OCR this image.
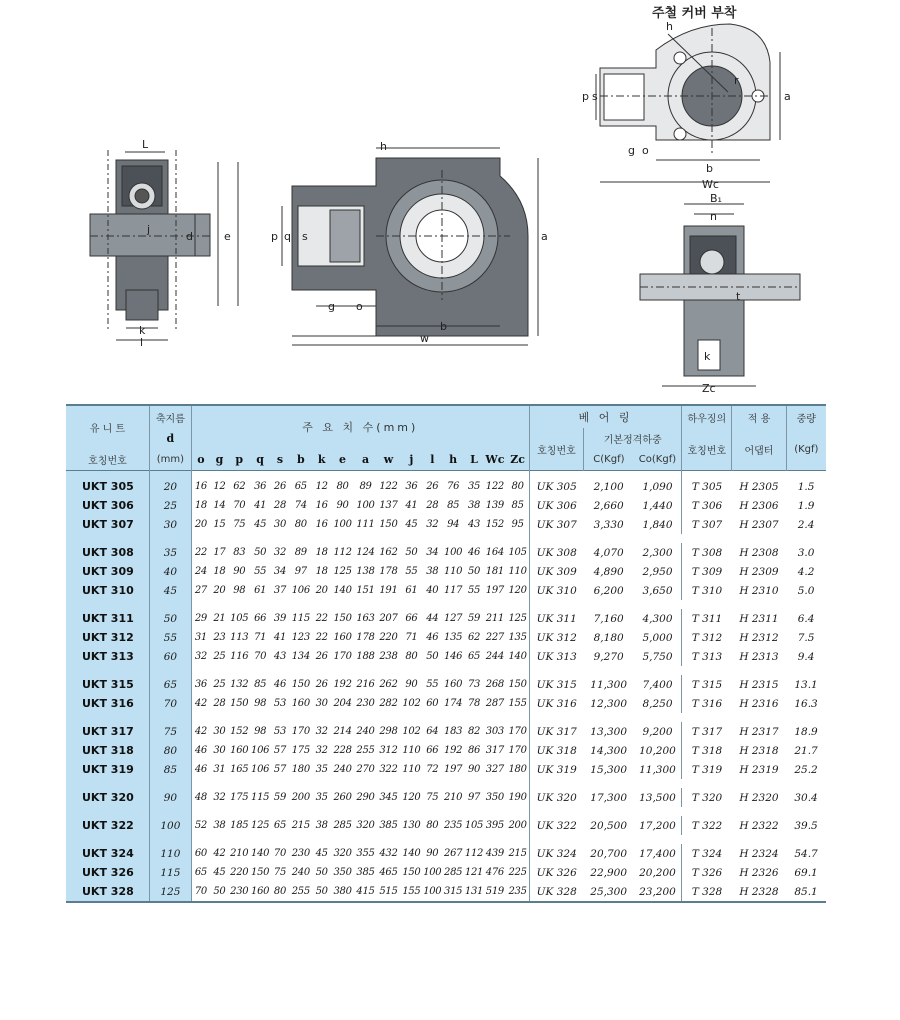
주철 커버 부착
L
j
d	e
k
l
h
p q s
g o
b
w
a
h
r
p s
g o
b
Wc
a
B₁
n
t
k
Zc
유 니 트	축지름	주 요 치 수(mm)																베 어 링			하우징의	적 용	중량
	d																	호칭번호	기본정격하중		호칭번호	어댑터	(Kgf)
호칭번호	(mm)	o	g	p	q	s	b	k	e	a	w	j	l	h	L	Wc	Zc		C(Kgf)	Co(Kgf)			
UKT 305	20	16	12	62	36	26	65	12	80	89	122	36	26	76	35	122	80	UK 305	2,100	1,090	T 305	H 2305	1.5
UKT 306	25	18	14	70	41	28	74	16	90	100	137	41	28	85	38	139	85	UK 306	2,660	1,440	T 306	H 2306	1.9
UKT 307	30	20	15	75	45	30	80	16	100	111	150	45	32	94	43	152	95	UK 307	3,330	1,840	T 307	H 2307	2.4

UKT 308	35	22	17	83	50	32	89	18	112	124	162	50	34	100	46	164	105	UK 308	4,070	2,300	T 308	H 2308	3.0
UKT 309	40	24	18	90	55	34	97	18	125	138	178	55	38	110	50	181	110	UK 309	4,890	2,950	T 309	H 2309	4.2
UKT 310	45	27	20	98	61	37	106	20	140	151	191	61	40	117	55	197	120	UK 310	6,200	3,650	T 310	H 2310	5.0

UKT 311	50	29	21	105	66	39	115	22	150	163	207	66	44	127	59	211	125	UK 311	7,160	4,300	T 311	H 2311	6.4
UKT 312	55	31	23	113	71	41	123	22	160	178	220	71	46	135	62	227	135	UK 312	8,180	5,000	T 312	H 2312	7.5
UKT 313	60	32	25	116	70	43	134	26	170	188	238	80	50	146	65	244	140	UK 313	9,270	5,750	T 313	H 2313	9.4

UKT 315	65	36	25	132	85	46	150	26	192	216	262	90	55	160	73	268	150	UK 315	11,300	7,400	T 315	H 2315	13.1
UKT 316	70	42	28	150	98	53	160	30	204	230	282	102	60	174	78	287	155	UK 316	12,300	8,250	T 316	H 2316	16.3

UKT 317	75	42	30	152	98	53	170	32	214	240	298	102	64	183	82	303	170	UK 317	13,300	9,200	T 317	H 2317	18.9
UKT 318	80	46	30	160	106	57	175	32	228	255	312	110	66	192	86	317	170	UK 318	14,300	10,200	T 318	H 2318	21.7
UKT 319	85	46	31	165	106	57	180	35	240	270	322	110	72	197	90	327	180	UK 319	15,300	11,300	T 319	H 2319	25.2

UKT 320	90	48	32	175	115	59	200	35	260	290	345	120	75	210	97	350	190	UK 320	17,300	13,500	T 320	H 2320	30.4

UKT 322	100	52	38	185	125	65	215	38	285	320	385	130	80	235	105	395	200	UK 322	20,500	17,200	T 322	H 2322	39.5

UKT 324	110	60	42	210	140	70	230	45	320	355	432	140	90	267	112	439	215	UK 324	20,700	17,400	T 324	H 2324	54.7
UKT 326	115	65	45	220	150	75	240	50	350	385	465	150	100	285	121	476	225	UK 326	22,900	20,200	T 326	H 2326	69.1
UKT 328	125	70	50	230	160	80	255	50	380	415	515	155	100	315	131	519	235	UK 328	25,300	23,200	T 328	H 2328	85.1
